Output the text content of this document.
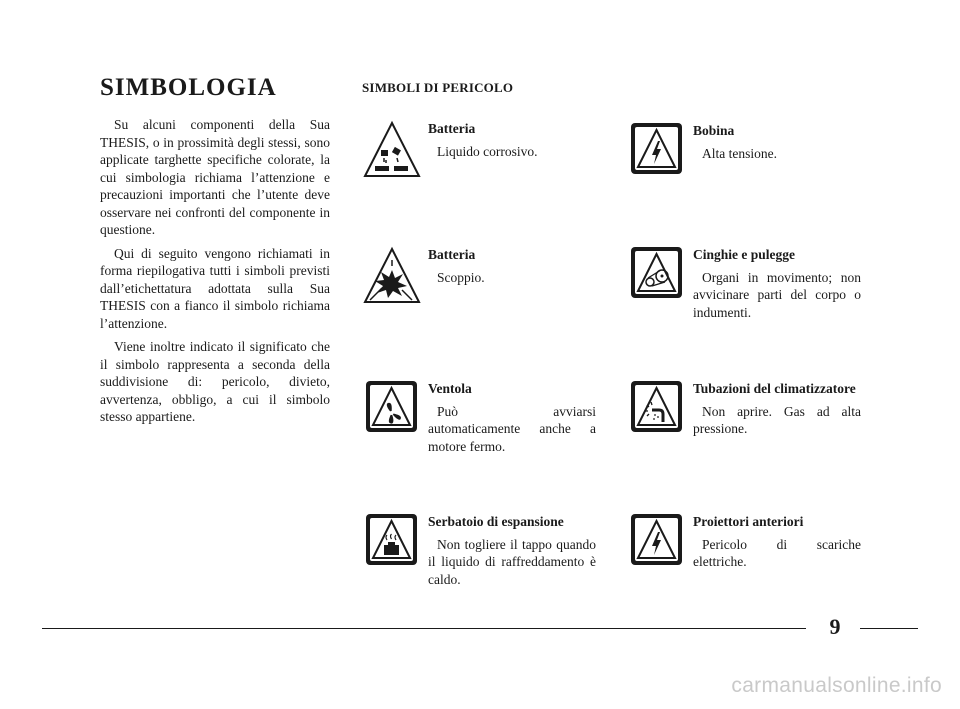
SIMBOLOGIA

Su alcuni componenti della Sua THESIS, o in prossimità degli stessi, sono applicate targhette specifiche colorate, la cui simbologia richiama l’attenzione e precauzioni importanti che l’utente deve osservare nei confronti del componente in questione.

Qui di seguito vengono richiamati in forma riepilogativa tutti i simboli previsti dall’etichettatura adottata sulla Sua THESIS con a fianco il simbolo richiama l’attenzione.

Viene inoltre indicato il significato che il simbolo rappresenta a seconda della suddivisione di: pericolo, divieto, avvertenza, obbligo, a cui il simbolo stesso appartiene.

SIMBOLI DI PERICOLO
Batteria
Liquido corrosivo.
Bobina
Alta tensione.
Batteria
Scoppio.
Cinghie e pulegge
Organi in movimento; non avvicinare parti del corpo o indumenti.
Ventola
Può avviarsi automaticamente anche a motore fermo.
Tubazioni del climatizzatore
Non aprire. Gas ad alta pressione.
Serbatoio di espansione
Non togliere il tappo quando il liquido di raffreddamento è caldo.
Proiettori anteriori
Pericolo di scariche elettriche.
9
carmanualsonline.info
